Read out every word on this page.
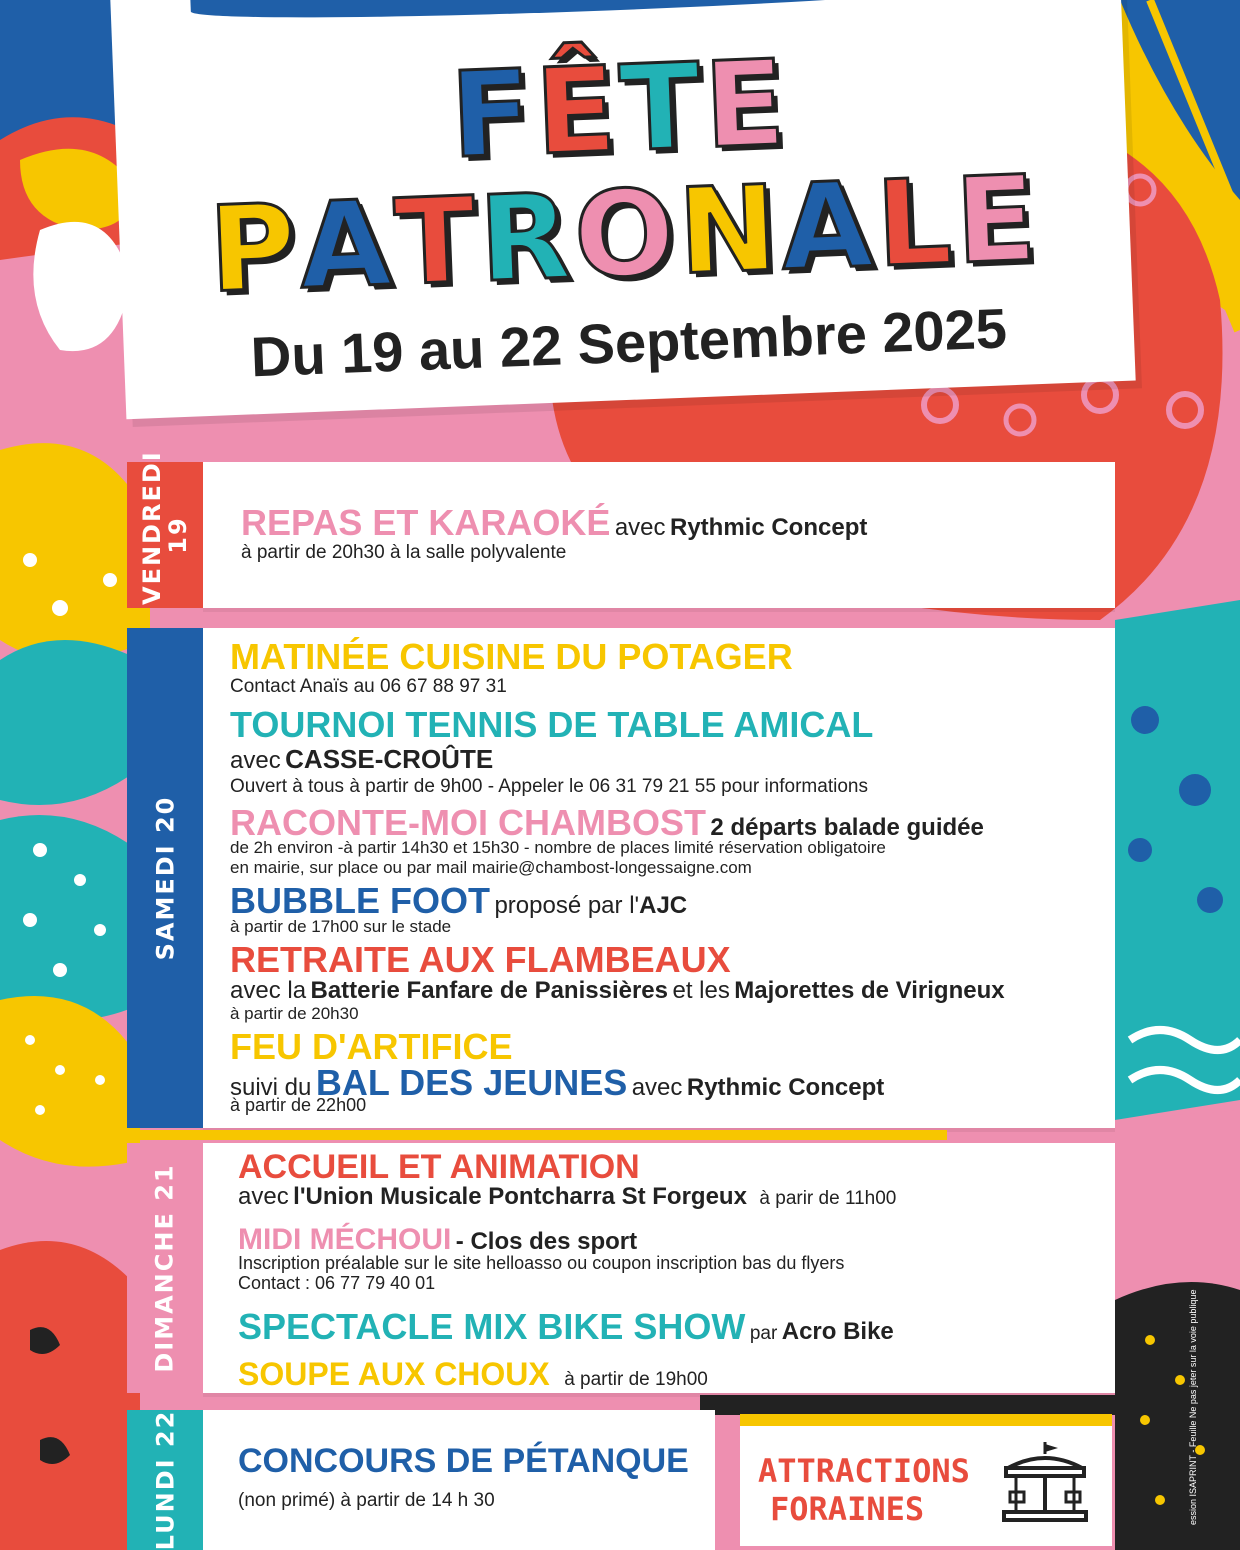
FÊTE
PATRONALE
Du 19 au 22 Septembre 2025
VENDREDI 19 REPAS ET KARAOKÉ avec Rythmic Concept
à partir de 20h30 à la salle polyvalente
SAMEDI 20
MATINÉE CUISINE DU POTAGER
Contact Anaïs au 06 67 88 97 31
TOURNOI TENNIS DE TABLE AMICAL
avec CASSE-CROÛTE
Ouvert à tous à partir de 9h00 - Appeler le 06 31 79 21 55 pour informations
RACONTE-MOI CHAMBOST 2 départs balade guidée
de 2h environ -à partir 14h30 et 15h30 - nombre de places limité réservation obligatoire
en mairie, sur place ou par mail mairie@chambost-longessaigne.com
BUBBLE FOOT proposé par l'AJC
à partir de 17h00 sur le stade
RETRAITE AUX FLAMBEAUX
avec la Batterie Fanfare de Panissières et les Majorettes de Virigneux
à partir de 20h30
FEU D'ARTIFICE
suivi du BAL DES JEUNES avec Rythmic Concept
à partir de 22h00
DIMANCHE 21 ACCUEIL ET ANIMATION
avec l'Union Musicale Pontcharra St Forgeux à parir de 11h00
MIDI MÉCHOUI - Clos des sport
Inscription préalable sur le site helloasso ou coupon inscription bas du flyers
Contact : 06 77 79 40 01
SPECTACLE MIX BIKE SHOW par Acro Bike
SOUPE AUX CHOUX à partir de 19h00
LUNDI 22 CONCOURS DE PÉTANQUE
(non primé) à partir de 14 h 30
ATTRACTIONS
FORAINES	ession ISAPRINT - Feuille Ne pas jeter sur la voie publique
